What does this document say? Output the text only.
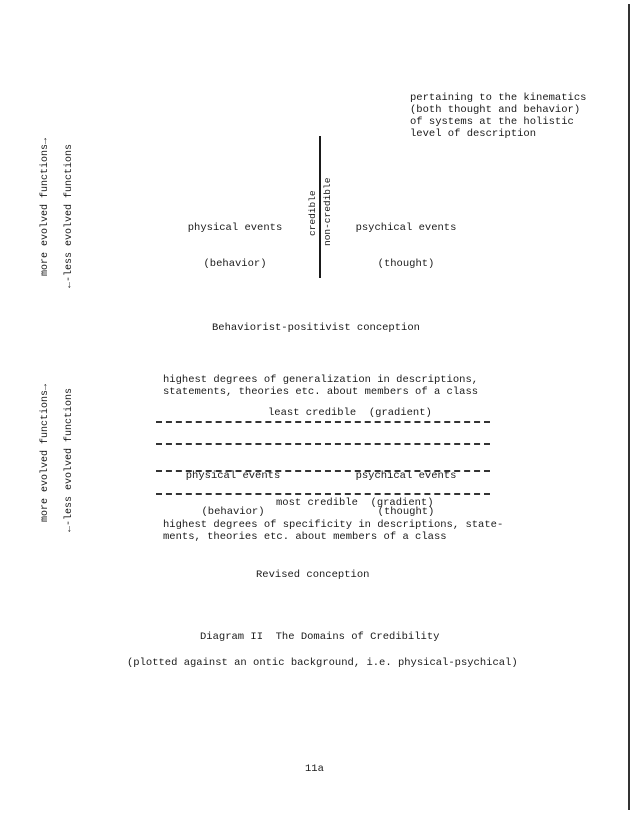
pertaining to the kinematics
(both thought and behavior)
of systems at the holistic
level of description
more evolved functions→ ←-less evolved functions

	physical events

(behavior)

credible non-credible

	psychical events

(thought)

Behaviorist-positivist conception
more evolved functions→ ←-less evolved functions
highest degrees of generalization in descriptions,
statements, theories etc. about members of a class
least credible  (gradient)

physical events

(behavior)

psychical events

(thought)

most credible  (gradient)
highest degrees of specificity in descriptions, state-
ments, theories etc. about members of a class
Revised conception
Diagram II  The Domains of Credibility
(plotted against an ontic background, i.e. physical-psychical)
11a
